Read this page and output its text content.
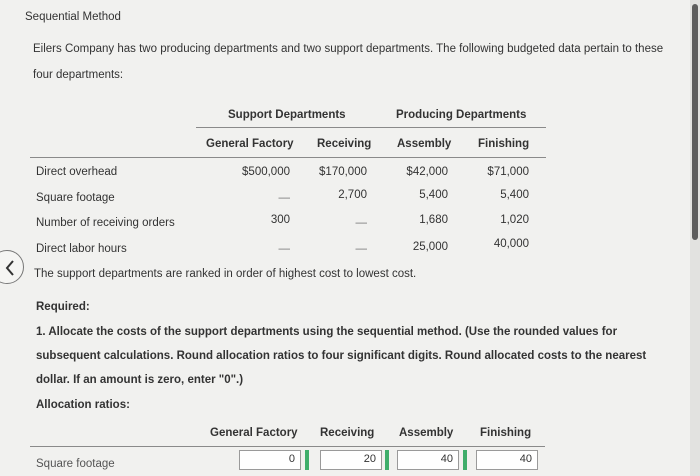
Sequential Method
Eilers Company has two producing departments and two support departments. The following budgeted data pertain to these four departments:
Support Departments	Producing Departments
General Factory Receiving Assembly Finishing
Direct overhead	$500,000	$170,000	$42,000	$71,000
Square footage	—	2,700	5,400	5,400
Number of receiving orders	300	—	1,680	1,020
Direct labor hours	—	—	25,000	40,000
The support departments are ranked in order of highest cost to lowest cost.
Required:
1. Allocate the costs of the support departments using the sequential method. (Use the rounded values for subsequent calculations. Round allocation ratios to four significant digits. Round allocated costs to the nearest dollar. If an amount is zero, enter "0".)
Allocation ratios:
General Factory Receiving Assembly Finishing
Square footage	0	20	40	40
